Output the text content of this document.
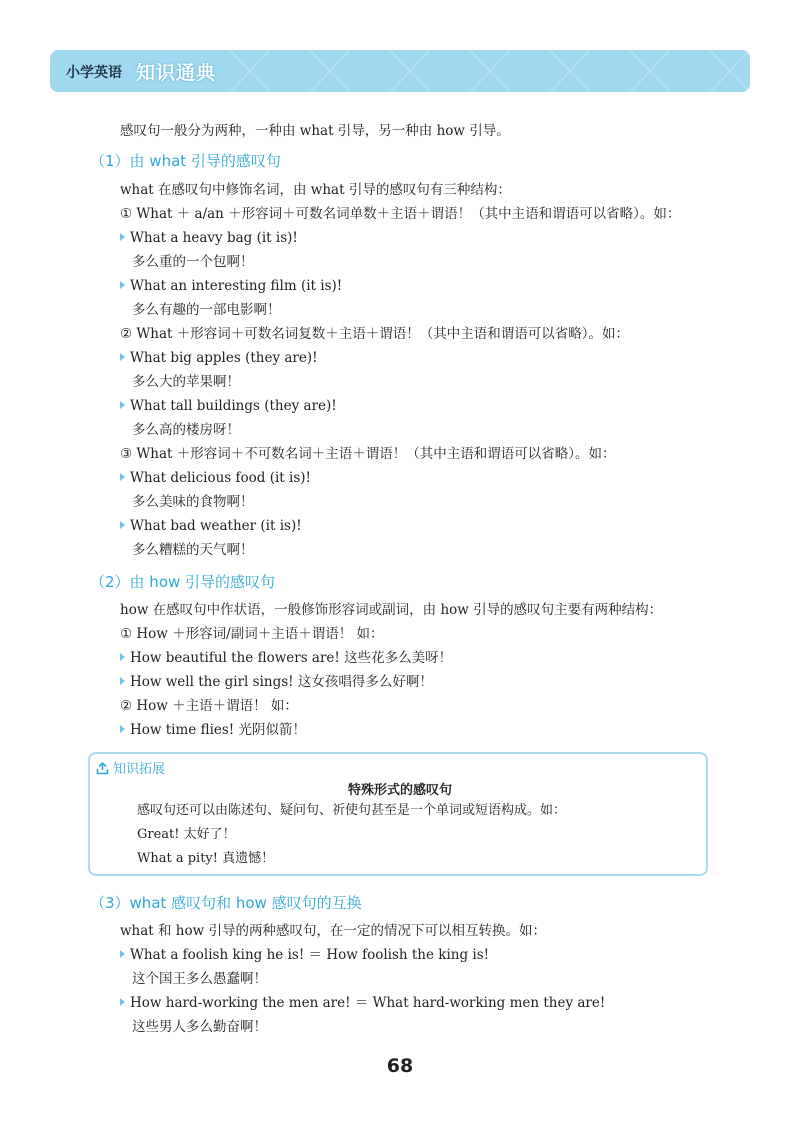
小学英语 知识通典
感叹句一般分为两种，一种由 what 引导，另一种由 how 引导。
（1）由 what 引导的感叹句
what 在感叹句中修饰名词，由 what 引导的感叹句有三种结构：
① What ＋ a/an ＋形容词＋可数名词单数＋主语＋谓语！（其中主语和谓语可以省略）。如：
What a heavy bag (it is)!
多么重的一个包啊！
What an interesting film (it is)!
多么有趣的一部电影啊！
② What ＋形容词＋可数名词复数＋主语＋谓语！（其中主语和谓语可以省略）。如：
What big apples (they are)!
多么大的苹果啊！
What tall buildings (they are)!
多么高的楼房呀！
③ What ＋形容词＋不可数名词＋主语＋谓语！（其中主语和谓语可以省略）。如：
What delicious food (it is)!
多么美味的食物啊！
What bad weather (it is)!
多么糟糕的天气啊！
（2）由 how 引导的感叹句
how 在感叹句中作状语，一般修饰形容词或副词，由 how 引导的感叹句主要有两种结构：
① How ＋形容词/副词＋主语＋谓语！ 如：
How beautiful the flowers are! 这些花多么美呀！
How well the girl sings! 这女孩唱得多么好啊！
② How ＋主语＋谓语！ 如：
How time flies! 光阴似箭！
知识拓展
特殊形式的感叹句
感叹句还可以由陈述句、疑问句、祈使句甚至是一个单词或短语构成。如：
Great! 太好了！
What a pity! 真遗憾！
（3）what 感叹句和 how 感叹句的互换
what 和 how 引导的两种感叹句，在一定的情况下可以相互转换。如：
What a foolish king he is! ＝ How foolish the king is!
这个国王多么愚蠢啊！
How hard-working the men are! ＝ What hard-working men they are!
这些男人多么勤奋啊！
68
